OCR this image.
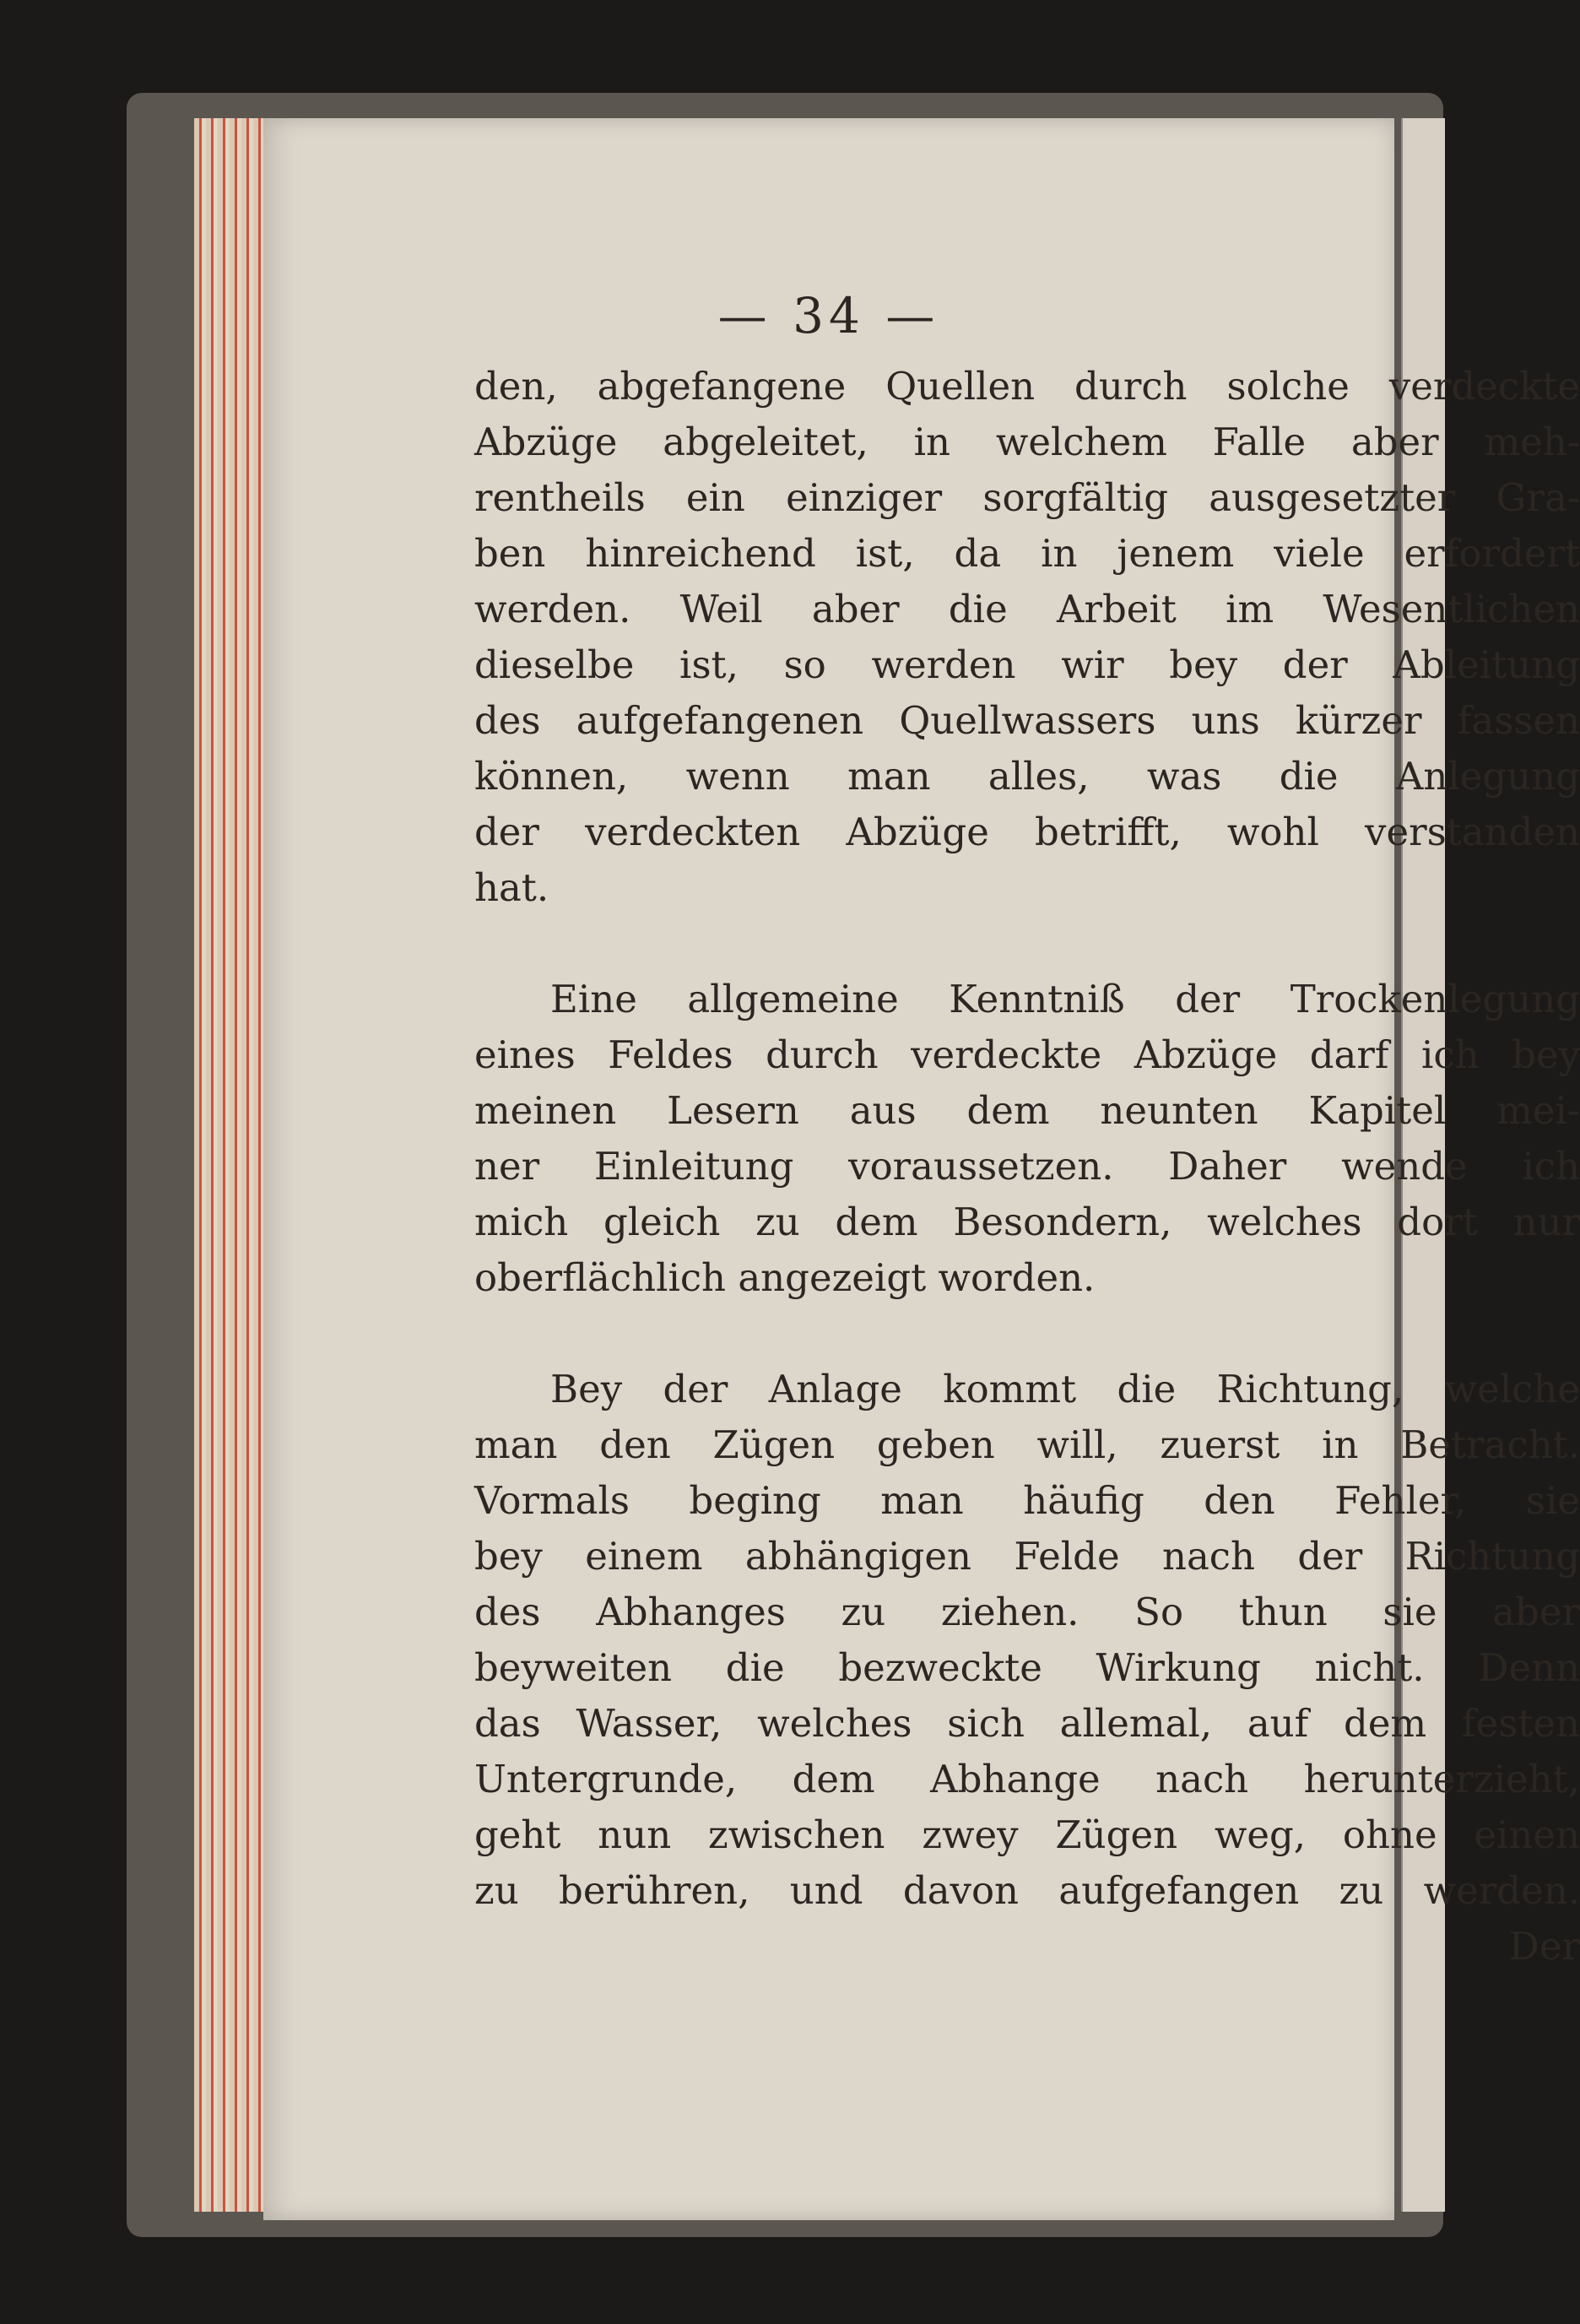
— 34 —
den, abgefangene Quellen durch solche verdeckte
Abzüge abgeleitet, in welchem Falle aber meh-
rentheils ein einziger sorgfältig ausgesetzter Gra-
ben hinreichend ist, da in jenem viele erfordert
werden. Weil aber die Arbeit im Wesentlichen
dieselbe ist, so werden wir bey der Ableitung
des aufgefangenen Quellwassers uns kürzer fassen
können, wenn man alles, was die Anlegung
der verdeckten Abzüge betrifft, wohl verstanden
hat.
Eine allgemeine Kenntniß der Trockenlegung
eines Feldes durch verdeckte Abzüge darf ich bey
meinen Lesern aus dem neunten Kapitel mei-
ner Einleitung voraussetzen. Daher wende ich
mich gleich zu dem Besondern, welches dort nur
oberflächlich angezeigt worden.
Bey der Anlage kommt die Richtung, welche
man den Zügen geben will, zuerst in Betracht.
Vormals beging man häufig den Fehler, sie
bey einem abhängigen Felde nach der Richtung
des Abhanges zu ziehen. So thun sie aber
beyweiten die bezweckte Wirkung nicht. Denn
das Wasser, welches sich allemal, auf dem festen
Untergrunde, dem Abhange nach herunterzieht,
geht nun zwischen zwey Zügen weg, ohne einen
zu berühren, und davon aufgefangen zu werden.
Der
